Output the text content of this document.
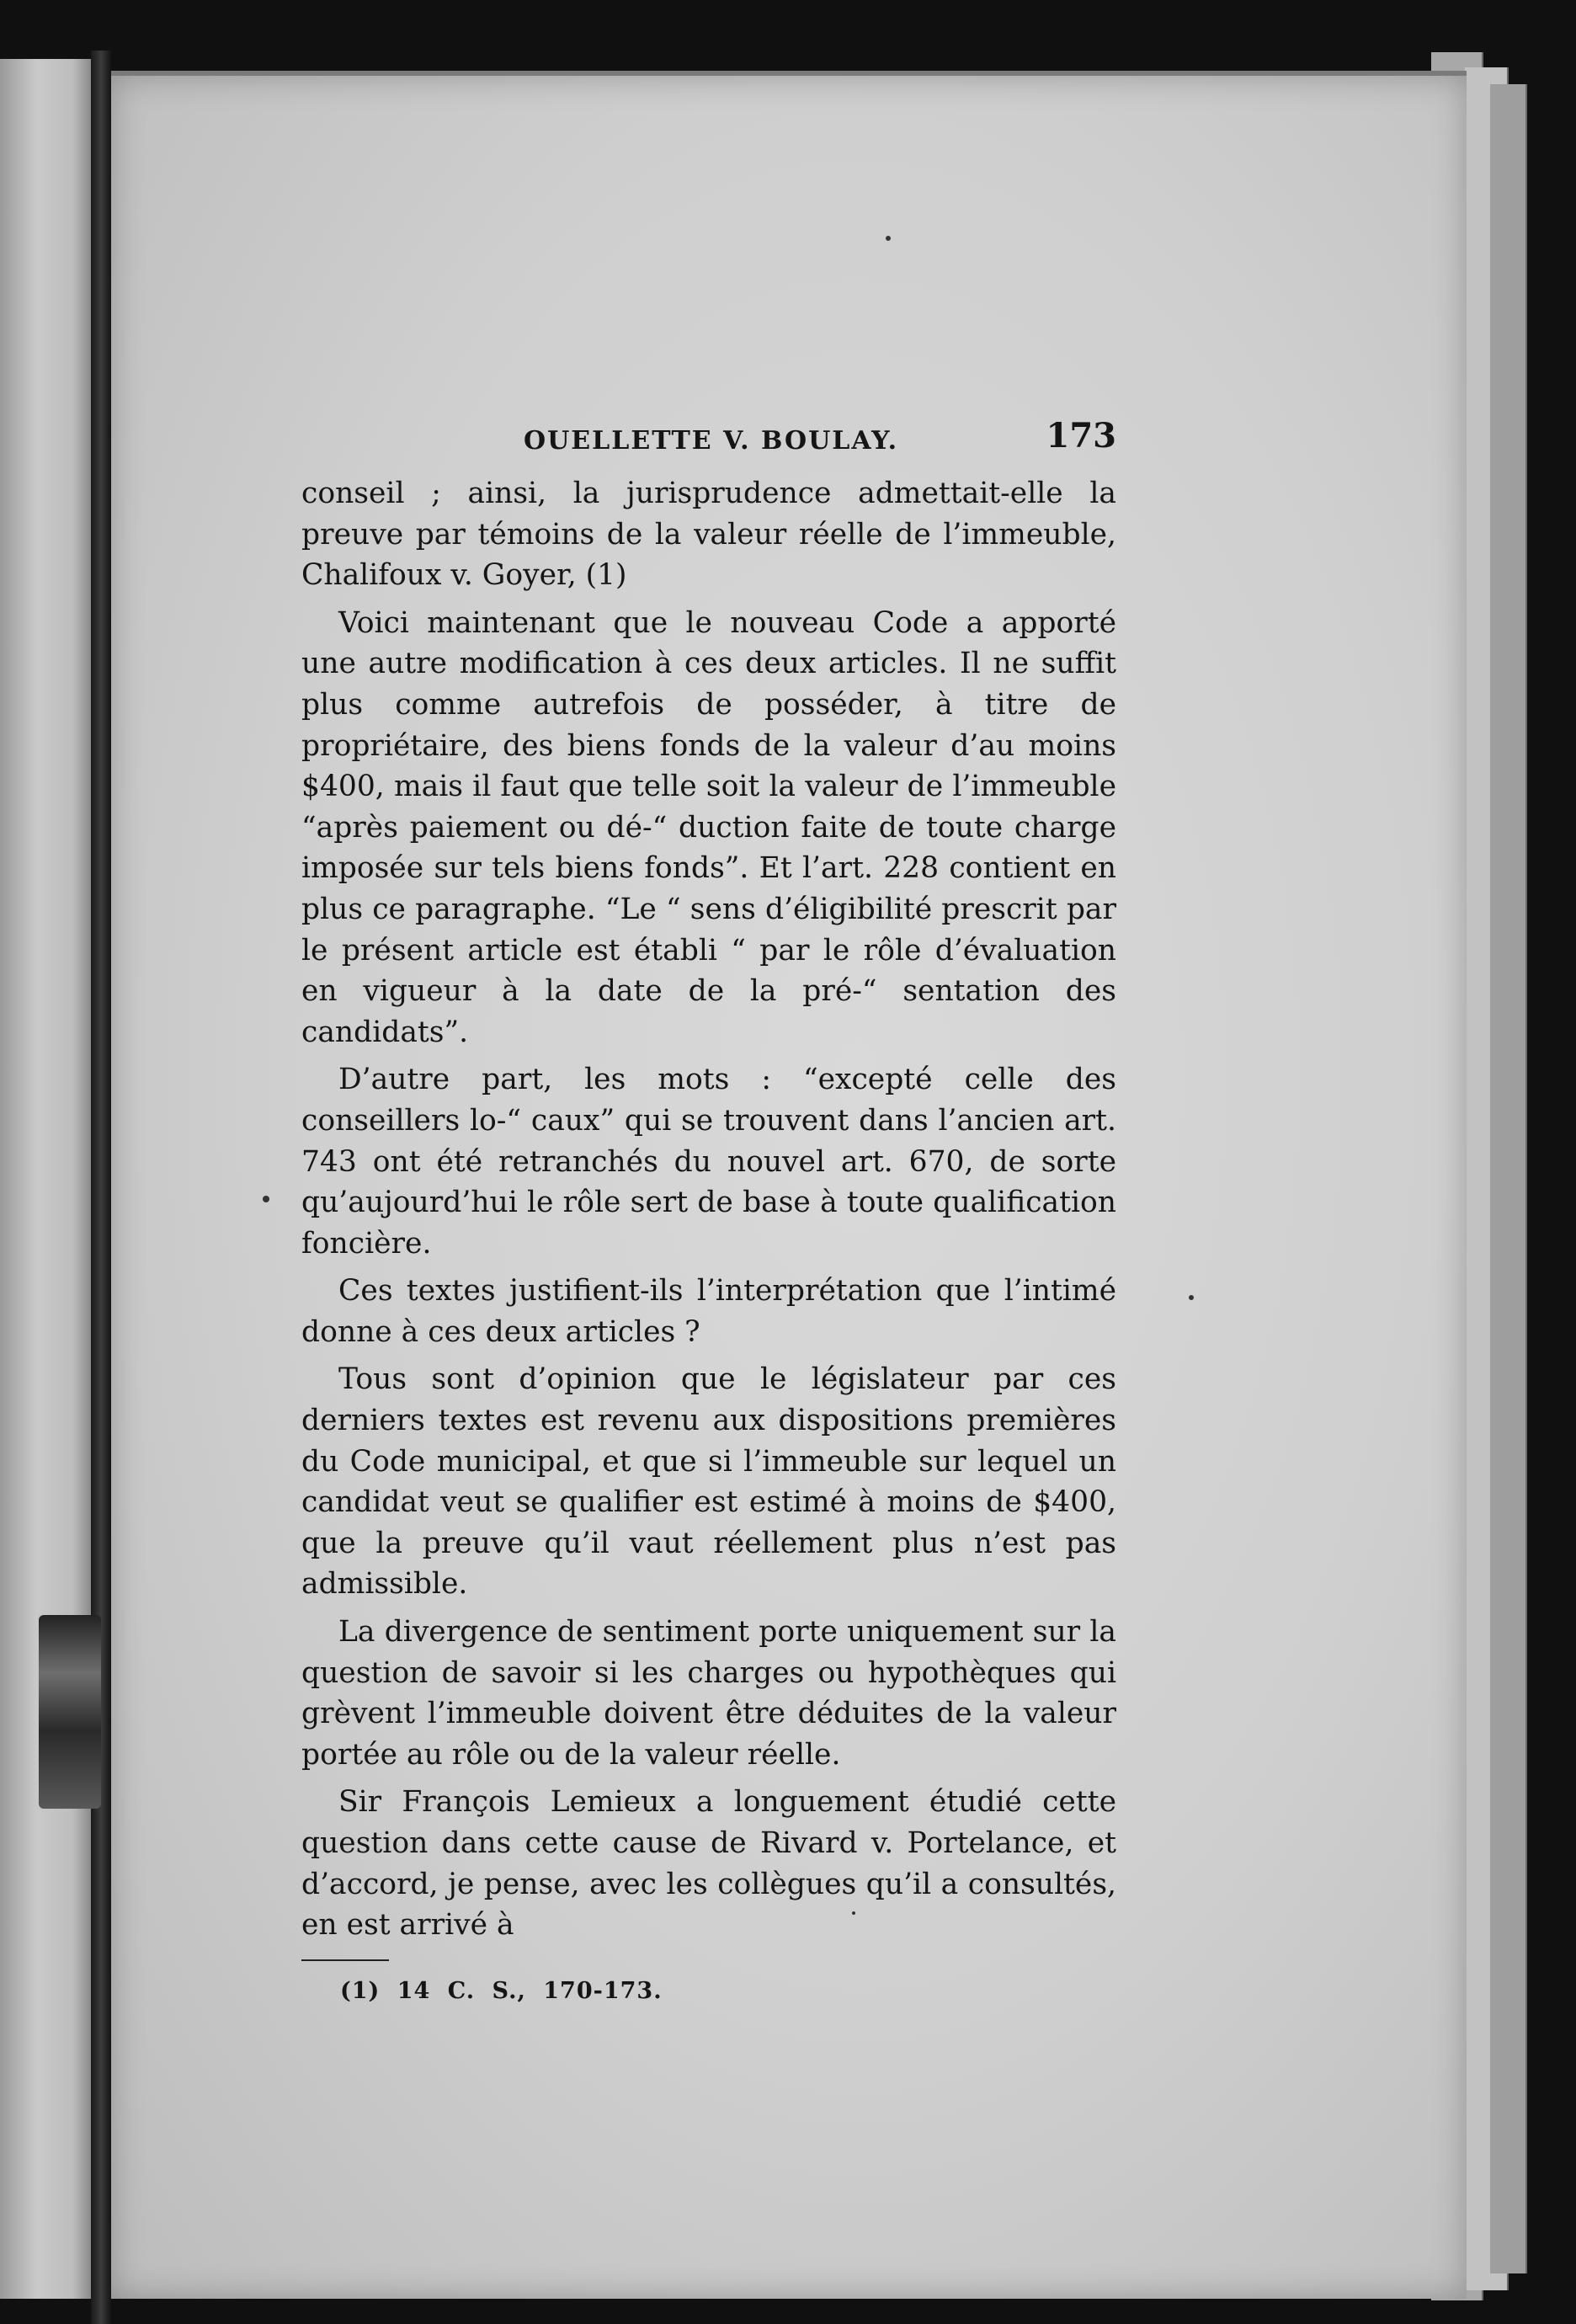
OUELLETTE V. BOULAY.	173

conseil ; ainsi, la jurisprudence admettait-elle la preuve par témoins de la valeur réelle de l’immeuble, Chalifoux v. Goyer, (1)

Voici maintenant que le nouveau Code a apporté une autre modification à ces deux articles. Il ne suffit plus comme autrefois de posséder, à titre de propriétaire, des biens fonds de la valeur d’au moins $400, mais il faut que telle soit la valeur de l’immeuble “après paiement ou dé-“ duction faite de toute charge imposée sur tels biens fonds”. Et l’art. 228 contient en plus ce paragraphe. “Le “ sens d’éligibilité prescrit par le présent article est établi “ par le rôle d’évaluation en vigueur à la date de la pré-“ sentation des candidats”.

D’autre part, les mots : “excepté celle des conseillers lo-“ caux” qui se trouvent dans l’ancien art. 743 ont été retranchés du nouvel art. 670, de sorte qu’aujourd’hui le rôle sert de base à toute qualification foncière.

Ces textes justifient-ils l’interprétation que l’intimé donne à ces deux articles ?

Tous sont d’opinion que le législateur par ces derniers textes est revenu aux dispositions premières du Code municipal, et que si l’immeuble sur lequel un candidat veut se qualifier est estimé à moins de $400, que la preuve qu’il vaut réellement plus n’est pas admissible.

La divergence de sentiment porte uniquement sur la question de savoir si les charges ou hypothèques qui grèvent l’immeuble doivent être déduites de la valeur portée au rôle ou de la valeur réelle.

Sir François Lemieux a longuement étudié cette question dans cette cause de Rivard v. Portelance, et d’accord, je pense, avec les collègues qu’il a consultés, en est arrivé à

(1) 14 C. S., 170-173.
